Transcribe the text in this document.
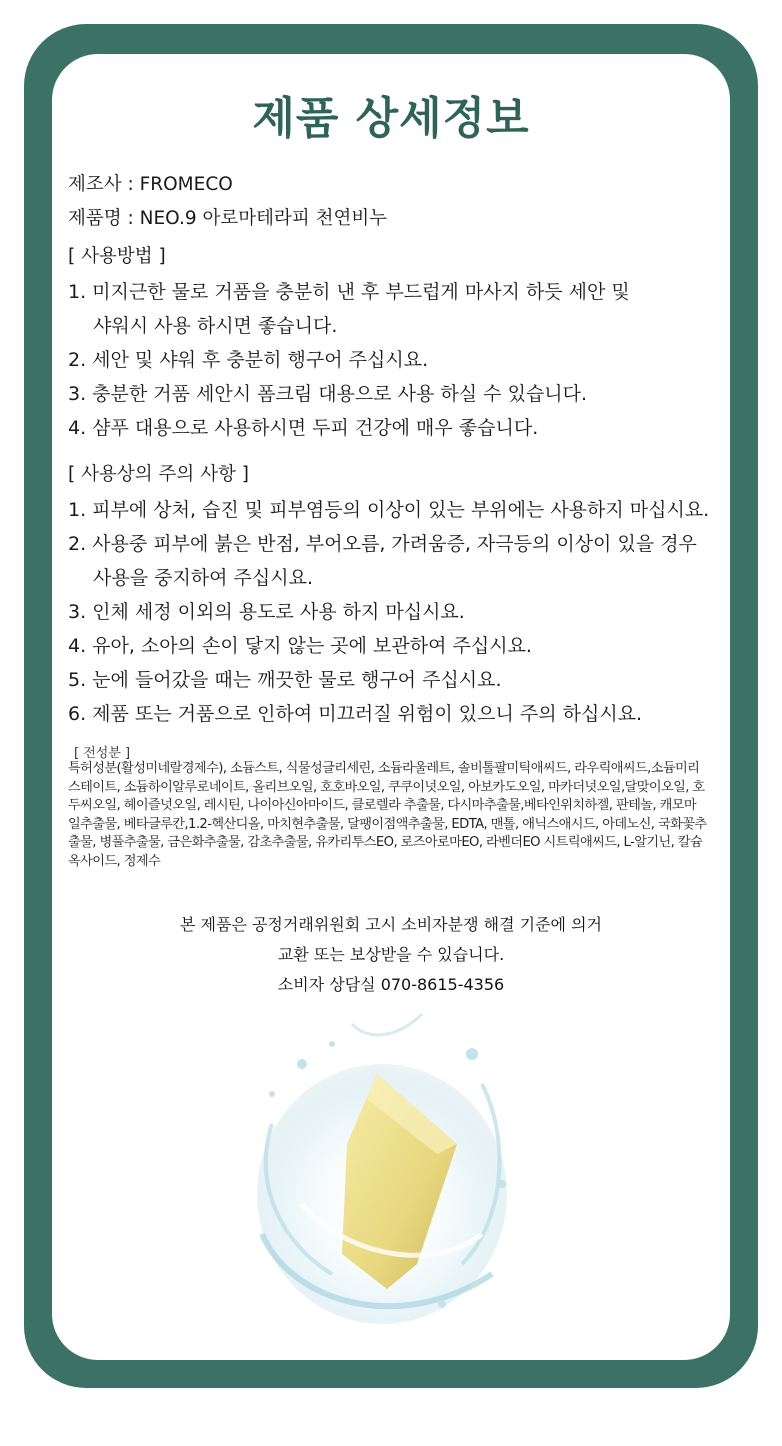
제품 상세정보
제조사 : FROMECO
제품명 : NEO.9 아로마테라피 천연비누
[ 사용방법 ]
1. 미지근한 물로 거품을 충분히 낸 후 부드럽게 마사지 하듯 세안 및
샤워시 사용 하시면 좋습니다.
2. 세안 및 샤워 후 충분히 행구어 주십시요.
3. 충분한 거품 세안시 폼크림 대용으로 사용 하실 수 있습니다.
4. 샴푸 대용으로 사용하시면 두피 건강에 매우 좋습니다.
[ 사용상의 주의 사항 ]
1. 피부에 상처, 습진 및 피부염등의 이상이 있는 부위에는 사용하지 마십시요.
2. 사용중 피부에 붉은 반점, 부어오름, 가려움증, 자극등의 이상이 있을 경우
사용을 중지하여 주십시요.
3. 인체 세정 이외의 용도로 사용 하지 마십시요.
4. 유아, 소아의 손이 닿지 않는 곳에 보관하여 주십시요.
5. 눈에 들어갔을 때는 깨끗한 물로 행구어 주십시요.
6. 제품 또는 거품으로 인하여 미끄러질 위험이 있으니 주의 하십시요.
[ 전성분 ]
특허성분(활성미네랄경제수), 소듐스트, 식물성글리세린, 소듐라울레트, 솔비톨팔미틱애씨드, 라우릭애씨드,소듐미리스테이트, 소듐하이알루로네이트, 올리브오일, 호호바오일, 쿠쿠이넛오일, 아보카도오일, 마카더넛오일,달맞이오일, 호두씨오일, 헤이즐넛오일, 레시틴, 나이아신아마이드, 클로렐라 추출물, 다시마추출물,베타인위치하젤, 판테놀, 캐모마일추출물, 베타글루칸,1.2-헥산디올, 마치현추출물, 달팽이점액추출물, EDTA, 맨톨, 애닉스애시드, 아데노신, 국화꽃추출물, 병풀추출물, 금은화추출물, 감초추출물, 유카리투스EO, 로즈아로마EO, 라벤더EO 시트릭애씨드, L-알기닌, 칼슘옥사이드, 정제수
본 제품은 공정거래위원회 고시 소비자분쟁 해결 기준에 의거
교환 또는 보상받을 수 있습니다.
소비자 상담실 070-8615-4356
